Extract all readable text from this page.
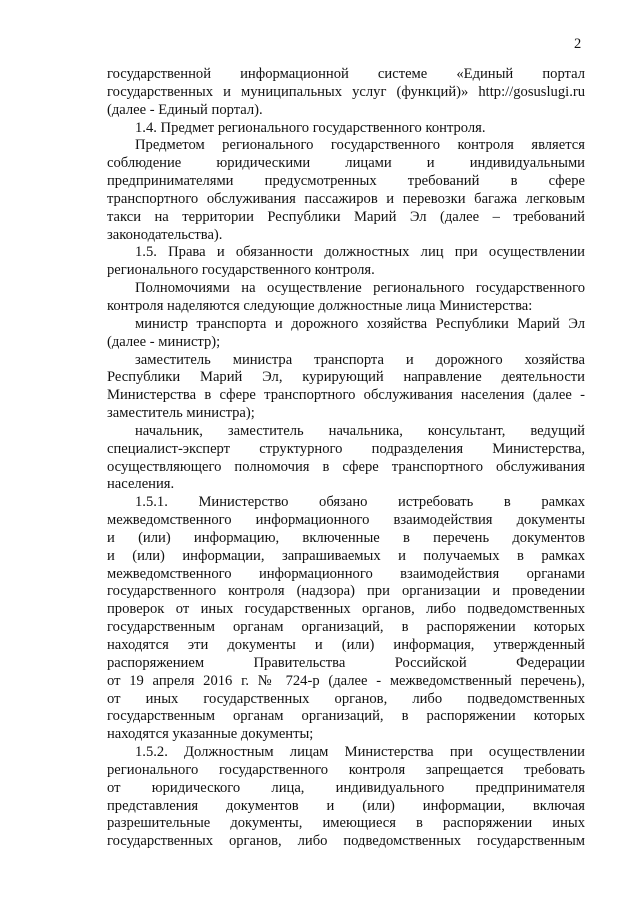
2
государственной информационной системе «Единый портал
государственных и муниципальных услуг (функций)» http://gosuslugi.ru
(далее - Единый портал).
1.4. Предмет регионального государственного контроля.
Предметом регионального государственного контроля является
соблюдение юридическими лицами и индивидуальными
предпринимателями предусмотренных требований в сфере
транспортного обслуживания пассажиров и перевозки багажа легковым
такси на территории Республики Марий Эл (далее – требований
законодательства).
1.5. Права и обязанности должностных лиц при осуществлении
регионального государственного контроля.
Полномочиями на осуществление регионального государственного
контроля наделяются следующие должностные лица Министерства:
министр транспорта и дорожного хозяйства Республики Марий Эл
(далее - министр);
заместитель министра транспорта и дорожного хозяйства
Республики Марий Эл, курирующий направление деятельности
Министерства в сфере транспортного обслуживания населения (далее -
заместитель министра);
начальник, заместитель начальника, консультант, ведущий
специалист-эксперт структурного подразделения Министерства,
осуществляющего полномочия в сфере транспортного обслуживания
населения.
1.5.1. Министерство обязано истребовать в рамках
межведомственного информационного взаимодействия документы
и (или) информацию, включенные в перечень документов
и (или) информации, запрашиваемых и получаемых в рамках
межведомственного информационного взаимодействия органами
государственного контроля (надзора) при организации и проведении
проверок от иных государственных органов, либо подведомственных
государственным органам организаций, в распоряжении которых
находятся эти документы и (или) информация, утвержденный
распоряжением Правительства Российской Федерации
от 19 апреля 2016 г. № 724-р (далее - межведомственный перечень),
от иных государственных органов, либо подведомственных
государственным органам организаций, в распоряжении которых
находятся указанные документы;
1.5.2. Должностным лицам Министерства при осуществлении
регионального государственного контроля запрещается требовать
от юридического лица, индивидуального предпринимателя
представления документов и (или) информации, включая
разрешительные документы, имеющиеся в распоряжении иных
государственных органов, либо подведомственных государственным
